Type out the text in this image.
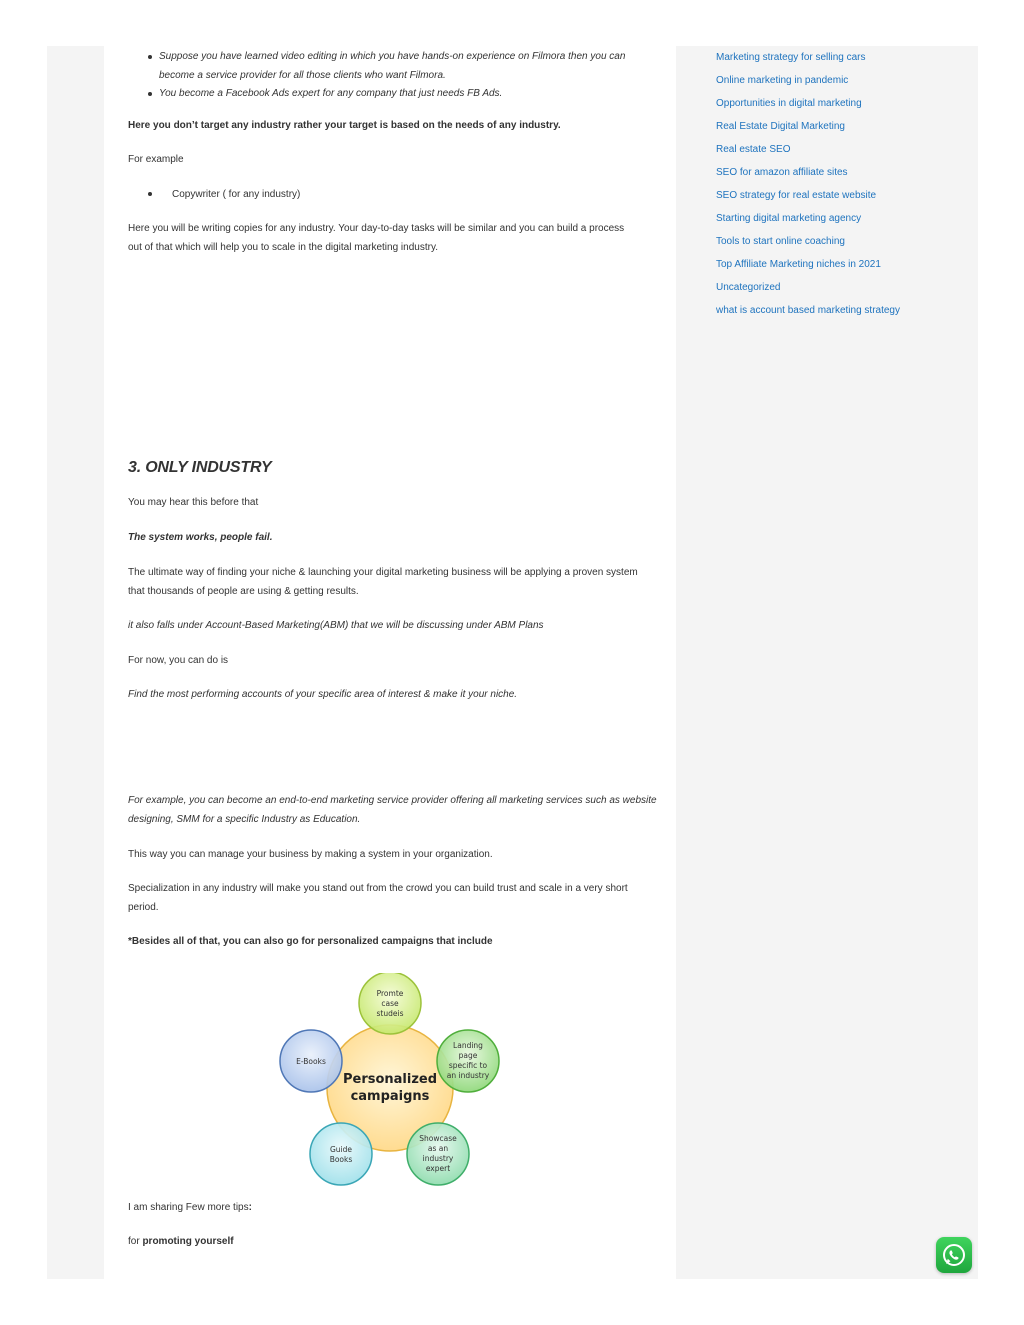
Suppose you have learned video editing in which you have hands-on experience on Filmora then you can
become a service provider for all those clients who want Filmora.
You become a Facebook Ads expert for any company that just needs FB Ads.

Here you don’t target any industry rather your target is based on the needs of any industry.

For example

Copywriter ( for any industry)

Here you will be writing copies for any industry. Your day-to-day tasks will be similar and you can build a process
out of that which will help you to scale in the digital marketing industry.

3. ONLY INDUSTRY

You may hear this before that

The system works, people fail.

The ultimate way of finding your niche & launching your digital marketing business will be applying a proven system
that thousands of people are using & getting results.

it also falls under Account-Based Marketing(ABM) that we will be discussing under ABM Plans

For now, you can do is

Find the most performing accounts of your specific area of interest & make it your niche.

For example, you can become an end-to-end marketing service provider offering all marketing services such as website
designing, SMM for a specific Industry as Education.

This way you can manage your business by making a system in your organization.

Specialization in any industry will make you stand out from the crowd you can build trust and scale in a very short
period.

*Besides all of that, you can also go for personalized campaigns that include

I am sharing Few more tips:

for promoting yourself

Personalized
campaigns
Promte
case
studeis
Landing
page
specific to
an industry
Showcase
as an
industry
expert
Guide
Books
E-Books
Marketing strategy for selling cars
Online marketing in pandemic
Opportunities in digital marketing
Real Estate Digital Marketing
Real estate SEO
SEO for amazon affiliate sites
SEO strategy for real estate website
Starting digital marketing agency
Tools to start online coaching
Top Affiliate Marketing niches in 2021
Uncategorized
what is account based marketing strategy
